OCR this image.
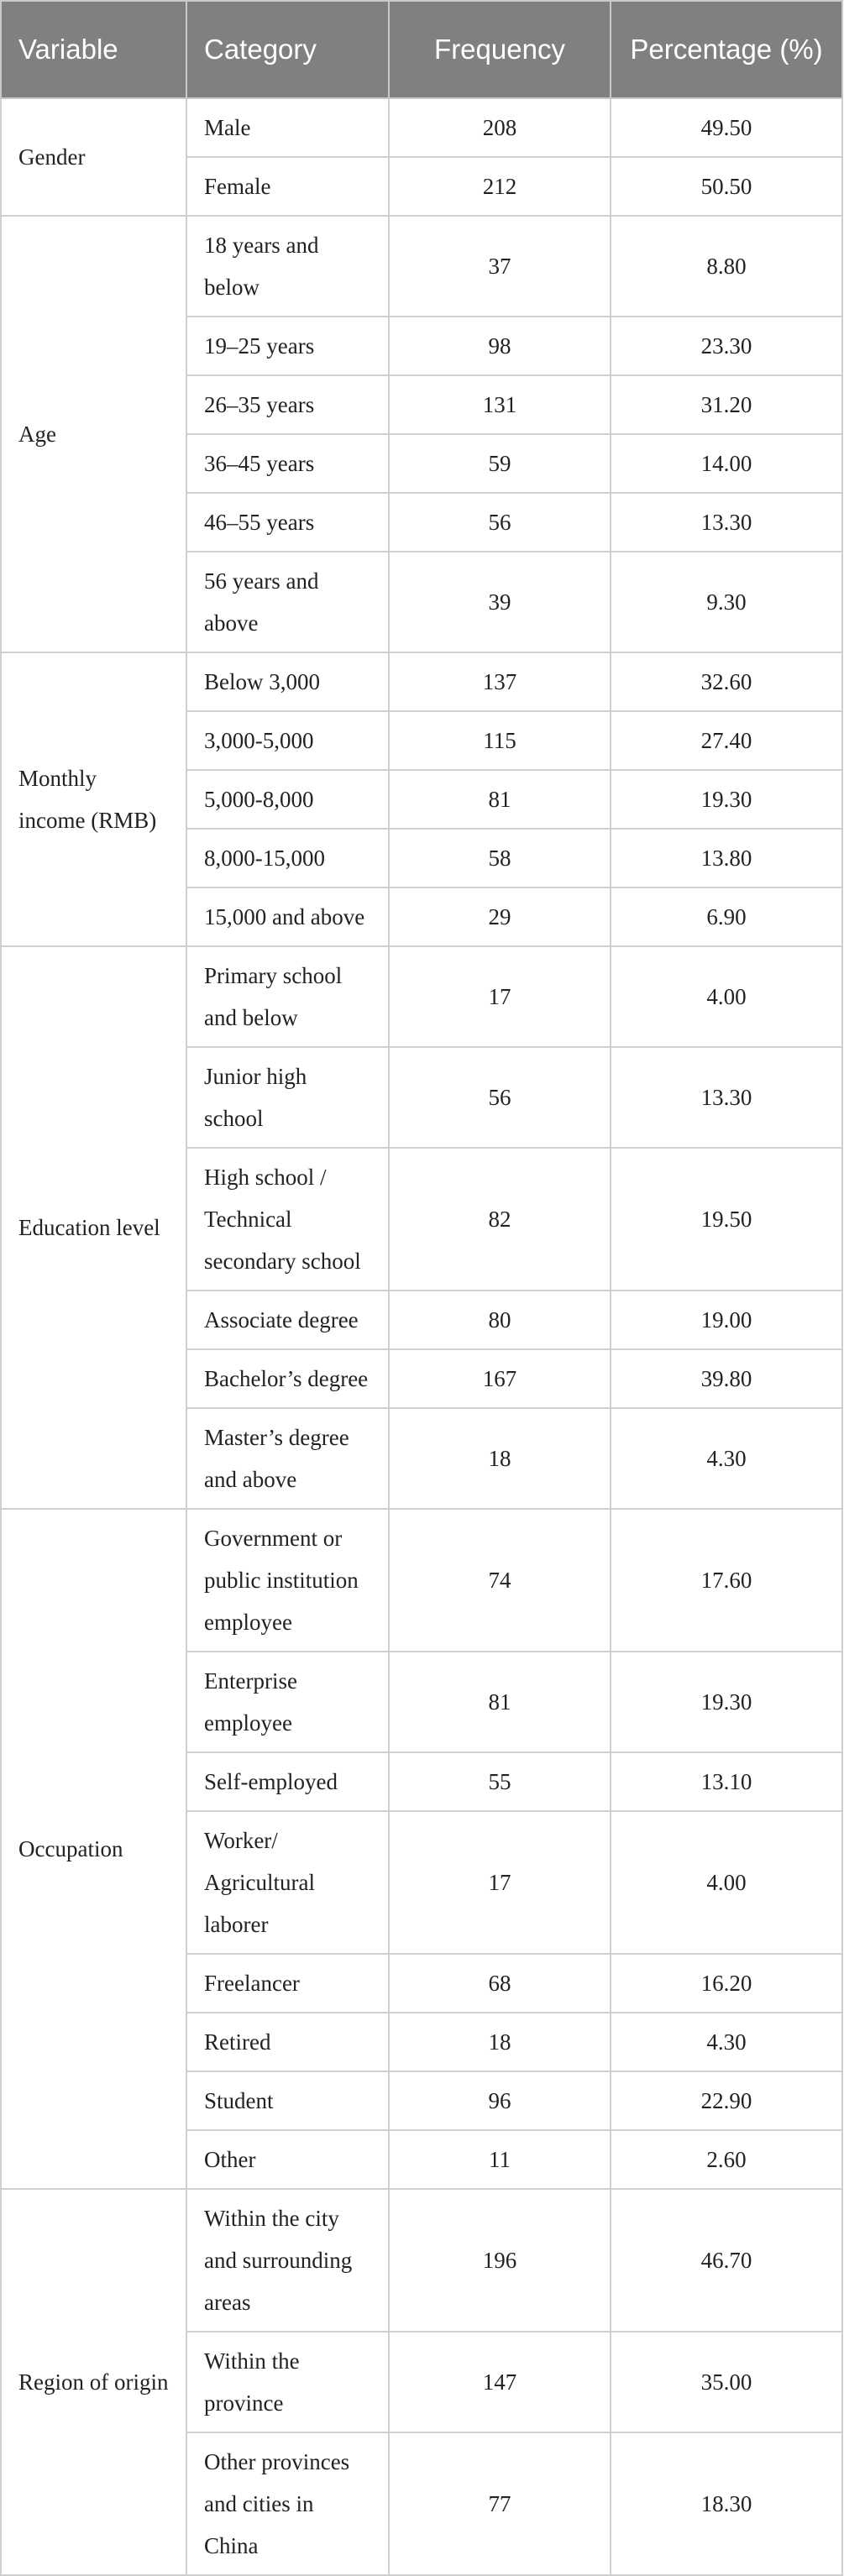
Variable	Category	Frequency	Percentage (%)
Gender	Male	208	49.50
	Female	212	50.50
Age	18 years and below	37	8.80
	19–25 years	98	23.30
	26–35 years	131	31.20
	36–45 years	59	14.00
	46–55 years	56	13.30
	56 years and above	39	9.30
Monthly income (RMB)	Below 3,000	137	32.60
	3,000-5,000	115	27.40
	5,000-8,000	81	19.30
	8,000-15,000	58	13.80
	15,000 and above	29	6.90
Education level	Primary school and below	17	4.00
	Junior high school	56	13.30
	High school / Technical secondary school	82	19.50
	Associate degree	80	19.00
	Bachelor’s degree	167	39.80
	Master’s degree and above	18	4.30
Occupation	Government or public institution employee	74	17.60
	Enterprise employee	81	19.30
	Self-employed	55	13.10
	Worker/ Agricultural laborer	17	4.00
	Freelancer	68	16.20
	Retired	18	4.30
	Student	96	22.90
	Other	11	2.60
Region of origin	Within the city and surrounding areas	196	46.70
	Within the province	147	35.00
	Other provinces and cities in China	77	18.30
